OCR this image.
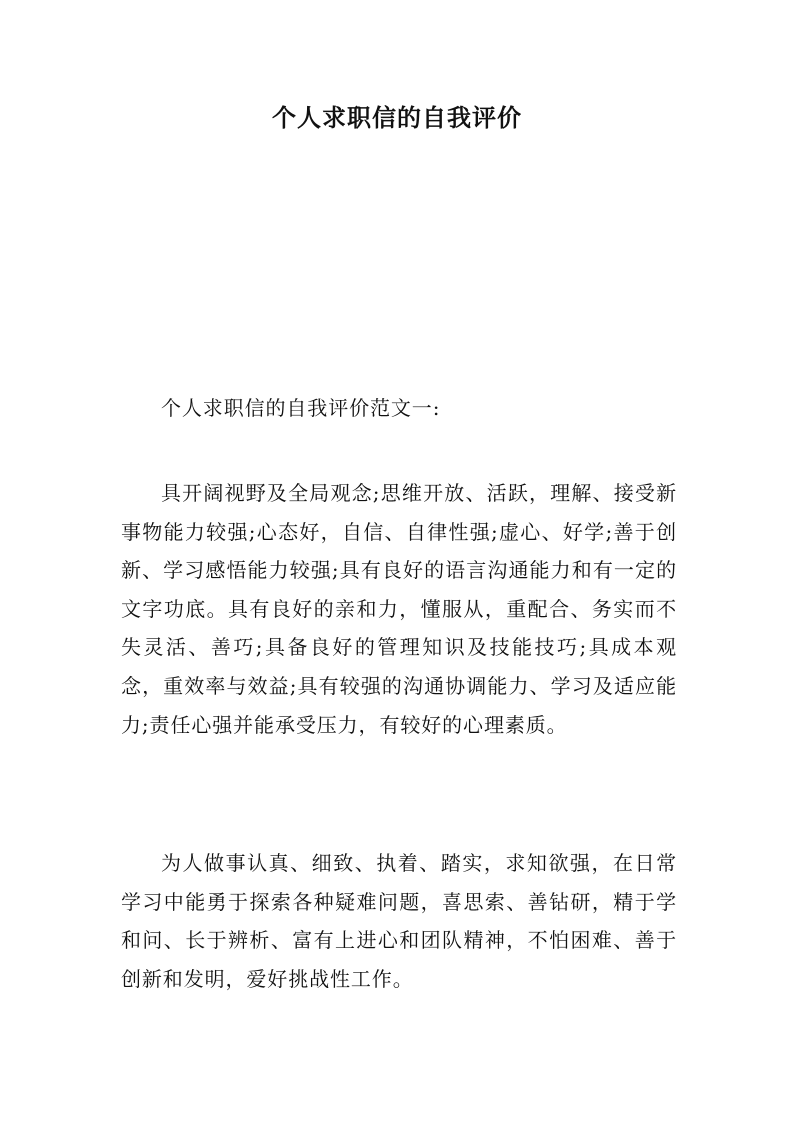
个人求职信的自我评价

个人求职信的自我评价范文一:

具开阔视野及全局观念;思维开放、活跃，理解、接受新事物能力较强;心态好，自信、自律性强;虚心、好学;善于创新、学习感悟能力较强;具有良好的语言沟通能力和有一定的文字功底。具有良好的亲和力，懂服从，重配合、务实而不失灵活、善巧;具备良好的管理知识及技能技巧;具成本观念，重效率与效益;具有较强的沟通协调能力、学习及适应能力;责任心强并能承受压力，有较好的心理素质。

为人做事认真、细致、执着、踏实，求知欲强，在日常学习中能勇于探索各种疑难问题，喜思索、善钻研，精于学和问、长于辨析、富有上进心和团队精神，不怕困难、善于创新和发明，爱好挑战性工作。
